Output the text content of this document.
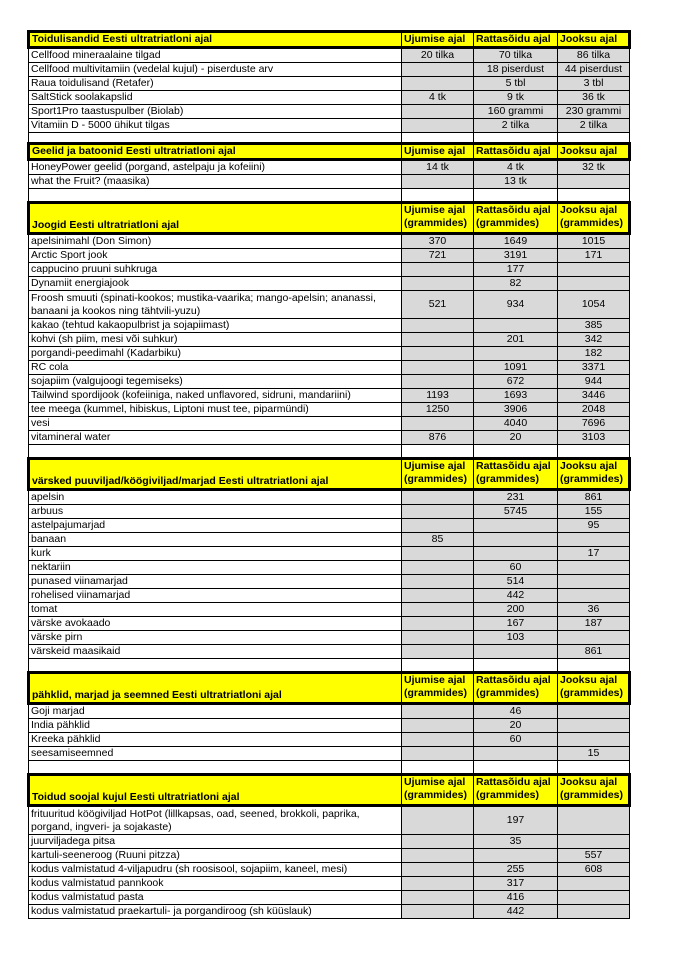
Toidulisandid Eesti ultratriatloni ajal	Ujumise ajal	Rattasõidu ajal	Jooksu ajal
Cellfood mineraalaine tilgad	20 tilka	70 tilka	86 tilka
Cellfood multivitamiin (vedelal kujul) - piserduste arv		18 piserdust	44 piserdust
Raua toidulisand (Retafer)		5 tbl	3 tbl
SaltStick soolakapslid	4 tk	9 tk	36 tk
Sport1Pro taastuspulber (Biolab)		160 grammi	230 grammi
Vitamiin D - 5000 ühikut tilgas		2 tilka	2 tilka

Geelid ja batoonid Eesti ultratriatloni ajal	Ujumise ajal	Rattasõidu ajal	Jooksu ajal
HoneyPower geelid (porgand, astelpaju ja kofeiini)	14 tk	4 tk	32 tk
what the Fruit? (maasika)		13 tk	

Joogid Eesti ultratriatloni ajal	Ujumise ajal (grammides)	Rattasõidu ajal (grammides)	Jooksu ajal (grammides)
apelsinimahl (Don Simon)	370	1649	1015
Arctic Sport jook	721	3191	171
cappucino pruuni suhkruga		177	
Dynamiit energiajook		82	
Froosh smuuti (spinati-kookos; mustika-vaarika; mango-apelsin; ananassi, banaani ja kookos ning tähtvili-yuzu)	521	934	1054
kakao (tehtud kakaopulbrist ja sojapiimast)			385
kohvi (sh piim, mesi või suhkur)		201	342
porgandi-peedimahl (Kadarbiku)			182
RC cola		1091	3371
sojapiim (valgujoogi tegemiseks)		672	944
Tailwind spordijook (kofeiiniga, naked unflavored, sidruni, mandariini)	1193	1693	3446
tee meega (kummel, hibiskus, Liptoni must tee, piparmündi)	1250	3906	2048
vesi		4040	7696
vitamineral water	876	20	3103

värsked puuviljad/köögiviljad/marjad Eesti ultratriatloni ajal	Ujumise ajal (grammides)	Rattasõidu ajal (grammides)	Jooksu ajal (grammides)
apelsin		231	861
arbuus		5745	155
astelpajumarjad			95
banaan	85		
kurk			17
nektariin		60	
punased viinamarjad		514	
rohelised viinamarjad		442	
tomat		200	36
värske avokaado		167	187
värske pirn		103	
värskeid maasikaid			861

pähklid, marjad ja seemned Eesti ultratriatloni ajal	Ujumise ajal (grammides)	Rattasõidu ajal (grammides)	Jooksu ajal (grammides)
Goji marjad		46	
India pähklid		20	
Kreeka pähklid		60	
seesamiseemned			15

Toidud soojal kujul Eesti ultratriatloni ajal	Ujumise ajal (grammides)	Rattasõidu ajal (grammides)	Jooksu ajal (grammides)
frituuritud köögiviljad HotPot (lillkapsas, oad, seened, brokkoli, paprika, porgand, ingveri- ja sojakaste)		197	
juurviljadega pitsa		35	
kartuli-seeneroog (Ruuni pitzza)			557
kodus valmistatud 4-viljapudru (sh roosisool, sojapiim, kaneel, mesi)		255	608
kodus valmistatud pannkook		317	
kodus valmistatud pasta		416	
kodus valmistatud praekartuli- ja porgandiroog (sh küüslauk)		442	
